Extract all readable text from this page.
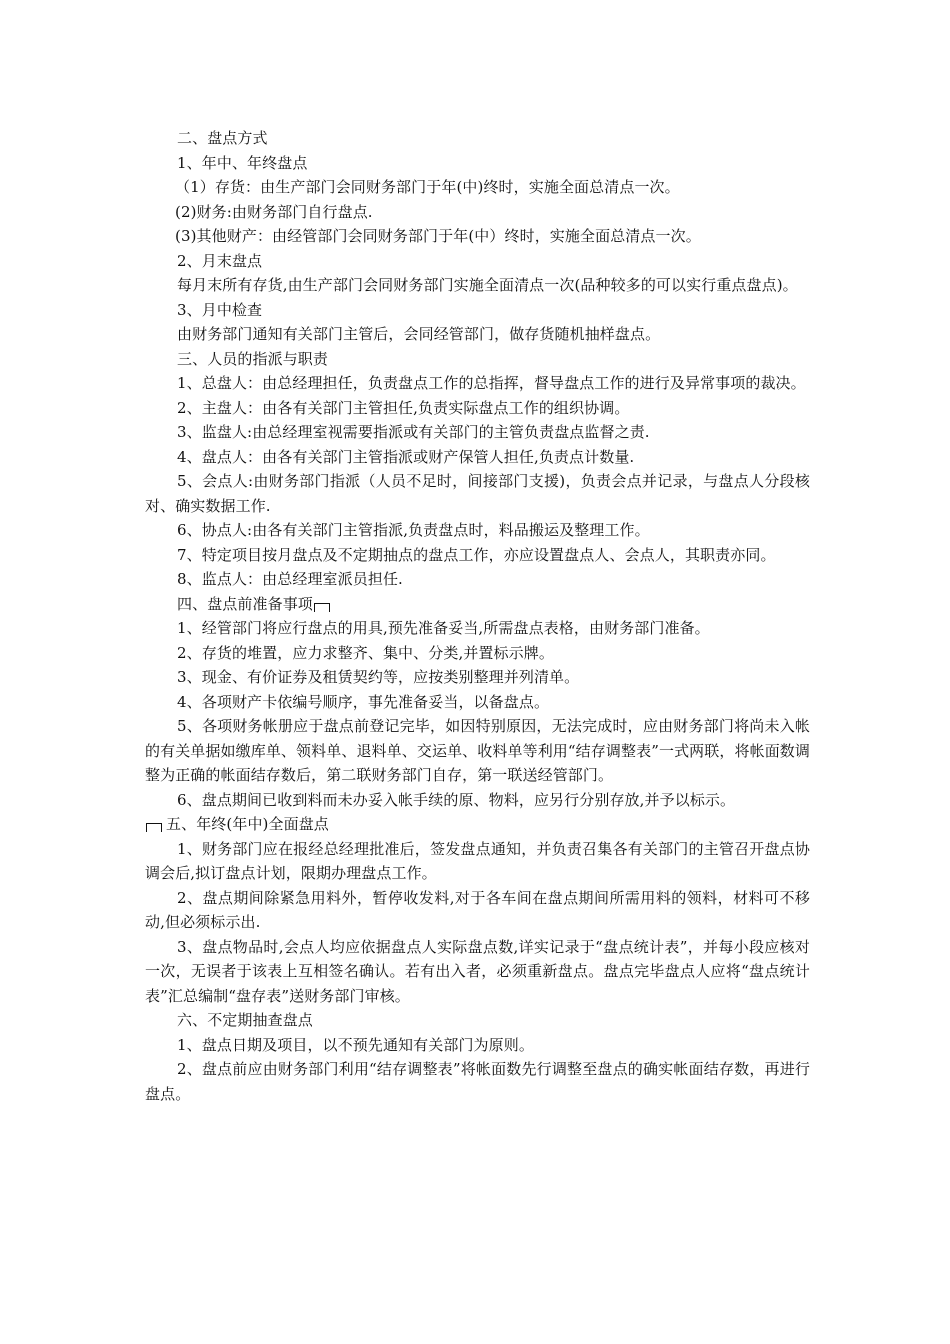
二、盘点方式

1、年中、年终盘点

（1）存货：由生产部门会同财务部门于年(中)终时，实施全面总清点一次。

(2)财务:由财务部门自行盘点.

(3)其他财产：由经管部门会同财务部门于年(中）终时，实施全面总清点一次。

2、月末盘点

每月末所有存货,由生产部门会同财务部门实施全面清点一次(品种较多的可以实行重点盘点)。

3、月中检查

由财务部门通知有关部门主管后，会同经管部门，做存货随机抽样盘点。

三、人员的指派与职责

1、总盘人：由总经理担任，负责盘点工作的总指挥，督导盘点工作的进行及异常事项的裁决。

2、主盘人：由各有关部门主管担任,负责实际盘点工作的组织协调。

3、监盘人:由总经理室视需要指派或有关部门的主管负责盘点监督之责.

4、盘点人：由各有关部门主管指派或财产保管人担任,负责点计数量.

5、会点人:由财务部门指派（人员不足时，间接部门支援)，负责会点并记录，与盘点人分段核对、确实数据工作.

6、协点人:由各有关部门主管指派,负责盘点时，料品搬运及整理工作。

7、特定项目按月盘点及不定期抽点的盘点工作，亦应设置盘点人、会点人，其职责亦同。

8、监点人：由总经理室派员担任.

四、盘点前准备事项

1、经管部门将应行盘点的用具,预先准备妥当,所需盘点表格，由财务部门准备。

2、存货的堆置，应力求整齐、集中、分类,并置标示牌。

3、现金、有价证券及租赁契约等，应按类别整理并列清单。

4、各项财产卡依编号顺序，事先准备妥当，以备盘点。

5、各项财务帐册应于盘点前登记完毕，如因特别原因，无法完成时，应由财务部门将尚未入帐的有关单据如缴库单、领料单、退料单、交运单、收料单等利用“结存调整表”一式两联，将帐面数调整为正确的帐面结存数后，第二联财务部门自存，第一联送经管部门。

6、盘点期间已收到料而未办妥入帐手续的原、物料，应另行分别存放,并予以标示。

五、年终(年中)全面盘点

1、财务部门应在报经总经理批准后，签发盘点通知，并负责召集各有关部门的主管召开盘点协调会后,拟订盘点计划，限期办理盘点工作。

2、盘点期间除紧急用料外，暂停收发料,对于各车间在盘点期间所需用料的领料，材料可不移动,但必须标示出.

3、盘点物品时,会点人均应依据盘点人实际盘点数,详实记录于“盘点统计表”，并每小段应核对一次，无误者于该表上互相签名确认。若有出入者，必须重新盘点。盘点完毕盘点人应将“盘点统计表”汇总编制“盘存表”送财务部门审核。

六、不定期抽查盘点

1、盘点日期及项目，以不预先通知有关部门为原则。

2、盘点前应由财务部门利用“结存调整表”将帐面数先行调整至盘点的确实帐面结存数，再进行盘点。
